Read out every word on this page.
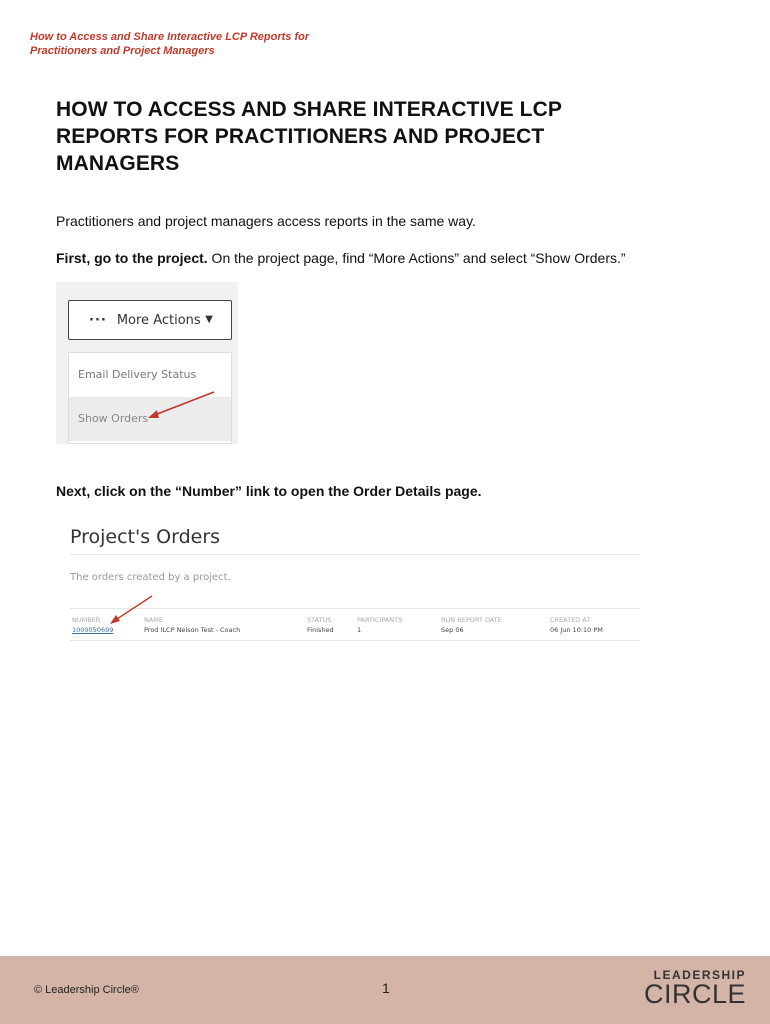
How to Access and Share Interactive LCP Reports for Practitioners and Project Managers
HOW TO ACCESS AND SHARE INTERACTIVE LCP REPORTS FOR PRACTITIONERS AND PROJECT MANAGERS

Practitioners and project managers access reports in the same way.

First, go to the project. On the project page, find “More Actions” and select “Show Orders.”

··· More Actions ▼
Email Delivery Status
Show Orders

Next, click on the “Number” link to open the Order Details page.

Project's Orders
The orders created by a project.
NUMBER	NAME	STATUS	PARTICIPANTS	RUN REPORT DATE	CREATED AT
1000050699	Prod ILCP Nelson Test - Coach	Finished	1	Sep 06	06 Jun 10:10 PM
© Leadership Circle®	1
LEADERSHIP
CIRCLE
